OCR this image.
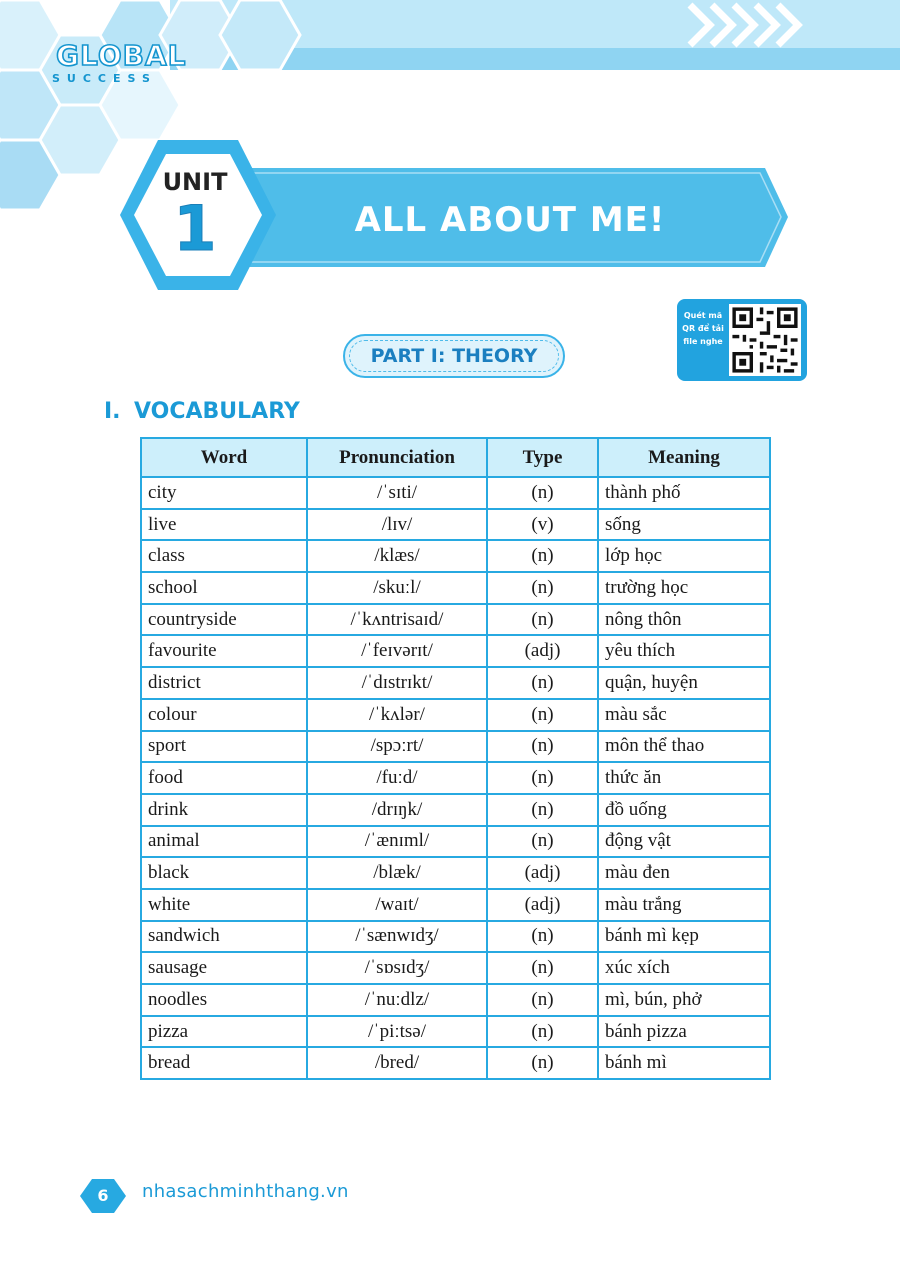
GLOBAL
SUCCESS
UNIT
1	ALL ABOUT ME!
PART I: THEORY
Quét mã QR để tải file nghe
I. VOCABULARY
Word	Pronunciation	Type	Meaning
city	/ˈsɪti/	(n)	thành phố
live	/lɪv/	(v)	sống
class	/klæs/	(n)	lớp học
school	/skuːl/	(n)	trường học
countryside	/ˈkʌntrisaɪd/	(n)	nông thôn
favourite	/ˈfeɪvərɪt/	(adj)	yêu thích
district	/ˈdɪstrɪkt/	(n)	quận, huyện
colour	/ˈkʌlər/	(n)	màu sắc
sport	/spɔːrt/	(n)	môn thể thao
food	/fuːd/	(n)	thức ăn
drink	/drɪŋk/	(n)	đồ uống
animal	/ˈænɪml/	(n)	động vật
black	/blæk/	(adj)	màu đen
white	/waɪt/	(adj)	màu trắng
sandwich	/ˈsænwɪdʒ/	(n)	bánh mì kẹp
sausage	/ˈsɒsɪdʒ/	(n)	xúc xích
noodles	/ˈnuːdlz/	(n)	mì, bún, phở
pizza	/ˈpiːtsə/	(n)	bánh pizza
bread	/bred/	(n)	bánh mì
6	nhasachminhthang.vn
